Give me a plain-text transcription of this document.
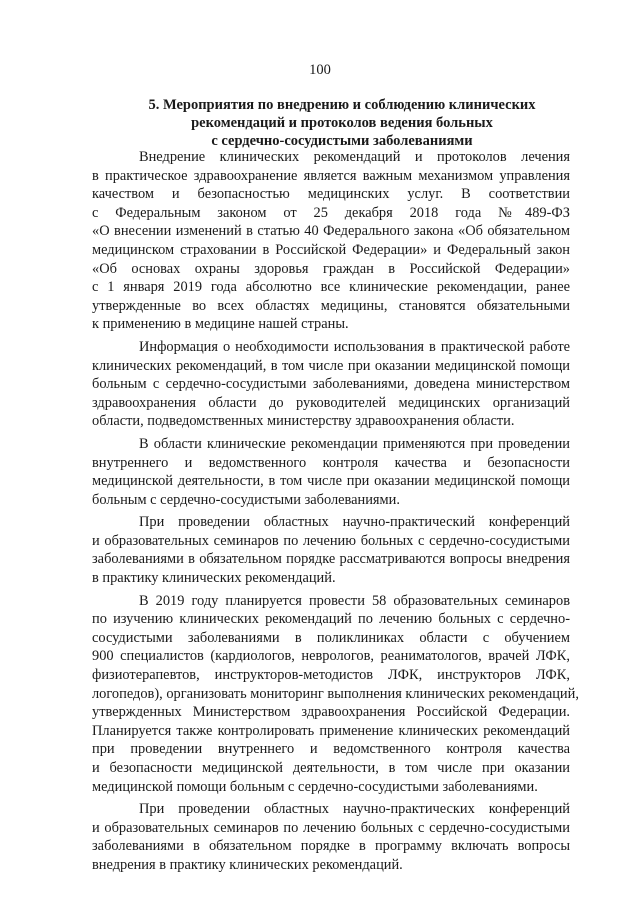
100
5. Мероприятия по внедрению и соблюдению клинических
рекомендаций и протоколов ведения больных
с сердечно-сосудистыми заболеваниями
Внедрение клинических рекомендаций и протоколов лечения
в практическое здравоохранение является важным механизмом управления
качеством и безопасностью медицинских услуг. В соответствии
с Федеральным законом от 25 декабря 2018 года №489-ФЗ
«О внесении изменений в статью 40 Федерального закона «Об обязательном
медицинском страховании в Российской Федерации» и Федеральный закон
«Об основах охраны здоровья граждан в Российской Федерации»
с 1 января 2019 года абсолютно все клинические рекомендации, ранее
утвержденные во всех областях медицины, становятся обязательными
к применению в медицине нашей страны.
Информация о необходимости использования в практической работе
клинических рекомендаций, в том числе при оказании медицинской помощи
больным с сердечно-сосудистыми заболеваниями, доведена министерством
здравоохранения области до руководителей медицинских организаций
области, подведомственных министерству здравоохранения области.
В области клинические рекомендации применяются при проведении
внутреннего и ведомственного контроля качества и безопасности
медицинской деятельности, в том числе при оказании медицинской помощи
больным с сердечно-сосудистыми заболеваниями.
При проведении областных научно-практический конференций
и образовательных семинаров по лечению больных с сердечно-сосудистыми
заболеваниями в обязательном порядке рассматриваются вопросы внедрения
в практику клинических рекомендаций.
В 2019 году планируется провести 58 образовательных семинаров
по изучению клинических рекомендаций по лечению больных с сердечно-
сосудистыми заболеваниями в поликлиниках области с обучением
900 специалистов (кардиологов, неврологов, реаниматологов, врачей ЛФК,
физиотерапевтов, инструкторов-методистов ЛФК, инструкторов ЛФК,
логопедов), организовать мониторинг выполнения клинических рекомендаций,
утвержденных Министерством здравоохранения Российской Федерации.
Планируется также контролировать применение клинических рекомендаций
при проведении внутреннего и ведомственного контроля качества
и безопасности медицинской деятельности, в том числе при оказании
медицинской помощи больным с сердечно-сосудистыми заболеваниями.
При проведении областных научно-практических конференций
и образовательных семинаров по лечению больных с сердечно-сосудистыми
заболеваниями в обязательном порядке в программу включать вопросы
внедрения в практику клинических рекомендаций.
